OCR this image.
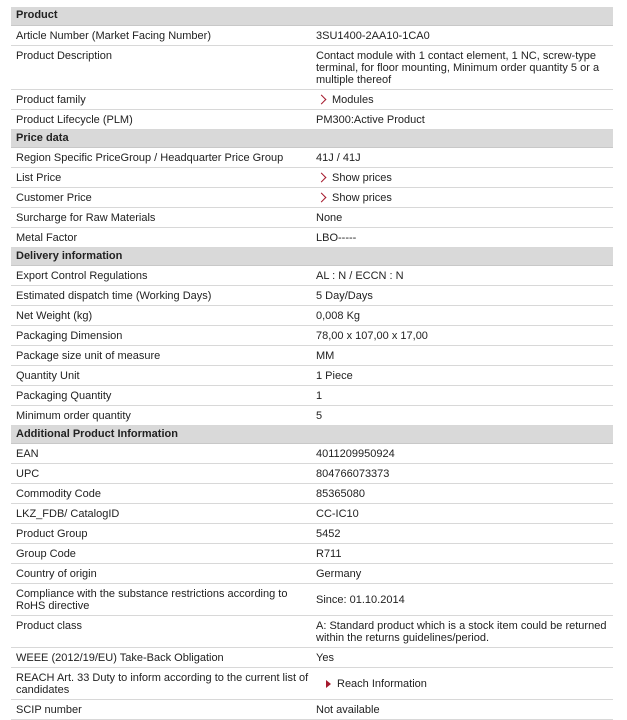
Product	
Article Number (Market Facing Number)	3SU1400-2AA10-1CA0
Product Description	Contact module with 1 contact element, 1 NC, screw-type terminal, for floor mounting, Minimum order quantity 5 or a multiple thereof
Product family	Modules
Product Lifecycle (PLM)	PM300:Active Product
Price data	
Region Specific PriceGroup / Headquarter Price Group	41J / 41J
List Price	Show prices
Customer Price	Show prices
Surcharge for Raw Materials	None
Metal Factor	LBO-----
Delivery information	
Export Control Regulations	AL : N / ECCN : N
Estimated dispatch time (Working Days)	5 Day/Days
Net Weight (kg)	0,008 Kg
Packaging Dimension	78,00 x 107,00 x 17,00
Package size unit of measure	MM
Quantity Unit	1 Piece
Packaging Quantity	1
Minimum order quantity	5
Additional Product Information	
EAN	4011209950924
UPC	804766073373
Commodity Code	85365080
LKZ_FDB/ CatalogID	CC-IC10
Product Group	5452
Group Code	R711
Country of origin	Germany
Compliance with the substance restrictions according to RoHS directive	Since: 01.10.2014
Product class	A: Standard product which is a stock item could be returned within the returns guidelines/period.
WEEE (2012/19/EU) Take-Back Obligation	Yes
REACH Art. 33 Duty to inform according to the current list of candidates	Reach Information
SCIP number	Not available
